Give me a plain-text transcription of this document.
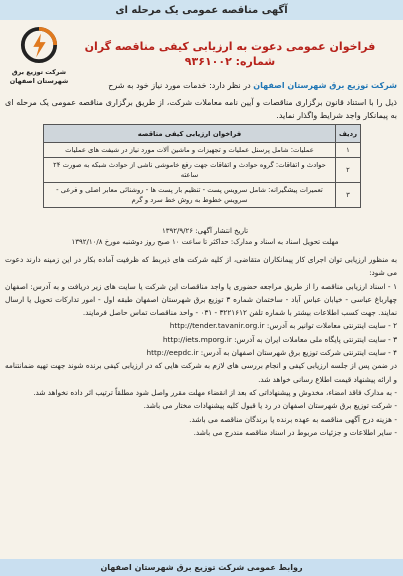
آگهی مناقصه عمومی یک مرحله ای
شرکت توزیع برق
شهرستان اصفهان
فراخوان عمومی دعوت به ارزیابی کیفی مناقصه گران
شماره: ۹۳۶۱۰۰۲
شرکت توزیع برق شهرستان اصفهان در نظر دارد: خدمات مورد نیاز خود به شرح
ذیل را با استناد قانون برگزاری مناقصات و آیین نامه معاملات شرکت، از طریق برگزاری مناقصه عمومی یک مرحله ای به پیمانکار واجد شرایط واگذار نماید.
ردیف	فراخوان ارزیابی کیفی مناقصه
۱	عملیات: شامل پرسنل عملیات و تجهیزات و ماشین آلات مورد نیاز در شیفت های عملیات
۲	حوادث و اتفاقات: گروه حوادث و اتفاقات جهت رفع خاموشی ناشی از حوادث شبکه به صورت ۲۴ ساعته
۳	تعمیرات پیشگیرانه: شامل سرویس پست - تنظیم بار پست ها - روشنائی معابر اصلی و فرعی - سرویس خطوط به روش خط سرد و گرم
تاریخ انتشار آگهی: ۱۳۹۲/۹/۲۶
مهلت تحویل اسناد به اسناد و مدارک: حداکثر تا ساعت ۱۰ صبح روز دوشنبه مورخ ۱۳۹۲/۱۰/۸

به منظور ارزیابی توان اجرای کار پیمانکاران متقاضی، از کلیه شرکت های ذیربط که ظرفیت آماده بکار در این زمینه دارند دعوت می شود:

۱ - اسناد ارزیابی مناقصه را از طریق مراجعه حضوری یا واجد مناقصات این شرکت یا سایت های زیر دریافت و به آدرس: اصفهان چهارباغ عباسی - خیابان عباس آباد - ساختمان شماره ۳ توزیع برق شهرستان اصفهان طبقه اول - امور تدارکات تحویل یا ارسال نمایند. جهت کسب اطلاعات بیشتر با شماره تلفن ۳۲۲۱۶۱۲ - ۰۳۱ - واحد مناقصات تماس حاصل فرمایند.

۲ - سایت اینترنتی معاملات توانیر به آدرس: http://tender.tavanir.org.ir

۳ - سایت اینترنتی پایگاه ملی معاملات ایران به آدرس: http://iets.mporg.ir

۴ - سایت اینترنتی شرکت توزیع برق شهرستان اصفهان به آدرس: http://eepdc.ir

در ضمن پس از جلسه ارزیابی کیفی و انجام بررسی های لازم به شرکت هایی که در ارزیابی کیفی برنده شوند جهت تهیه ضمانتنامه و ارائه پیشنهاد قیمت اطلاع رسانی خواهد شد.

- به مدارک فاقد امضاء، مخدوش و پیشنهاداتی که بعد از انقضاء مهلت مقرر واصل شود مطلقاً ترتیب اثر داده نخواهد شد.

- شرکت توزیع برق شهرستان اصفهان در رد یا قبول کلیه پیشنهادات مختار می باشد.

- هزینه درج آگهی مناقصه به عهده برنده یا برندگان مناقصه می باشد.

- سایر اطلاعات و جزئیات مربوط در اسناد مناقصه مندرج می باشد.

روابط عمومی شرکت توزیع برق شهرستان اصفهان
